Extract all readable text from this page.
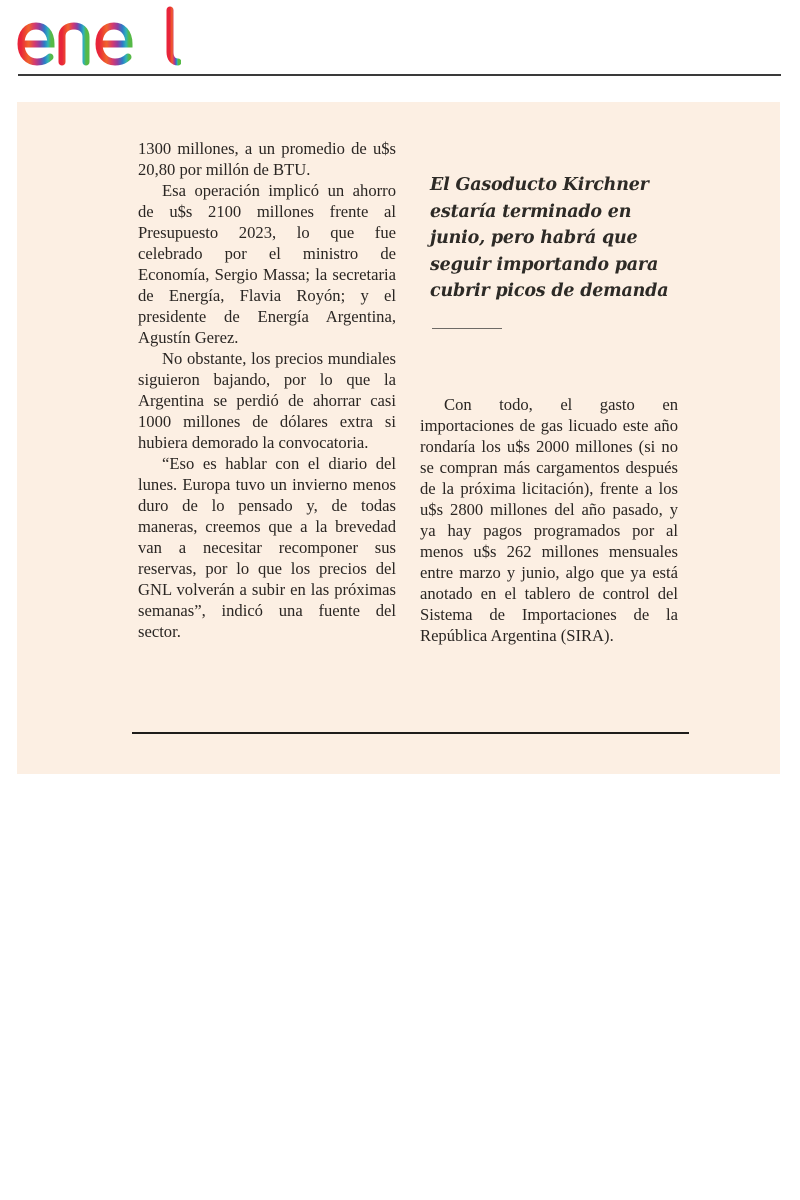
1300 millones, a un promedio de u$s 20,80 por millón de BTU.

Esa operación implicó un ahorro de u$s 2100 millones frente al Presupuesto 2023, lo que fue celebrado por el ministro de Economía, Sergio Massa; la secretaria de Energía, Flavia Royón; y el presidente de Energía Argentina, Agustín Gerez.

No obstante, los precios mundiales siguieron bajando, por lo que la Argentina se perdió de ahorrar casi 1000 millones de dólares extra si hubiera demorado la convocatoria.

“Eso es hablar con el diario del lunes. Europa tuvo un invierno menos duro de lo pensado y, de todas maneras, creemos que a la brevedad van a necesitar recomponer sus reservas, por lo que los precios del GNL volverán a subir en las próximas semanas”, indicó una fuente del sector.

El Gasoducto Kirchner estaría terminado en junio, pero habrá que seguir importando para cubrir picos de demanda

Con todo, el gasto en importaciones de gas licuado este año rondaría los u$s 2000 millones (si no se compran más cargamentos después de la próxima licitación), frente a los u$s 2800 millones del año pasado, y ya hay pagos programados por al menos u$s 262 millones mensuales entre marzo y junio, algo que ya está anotado en el tablero de control del Sistema de Importaciones de la República Argentina (SIRA).
